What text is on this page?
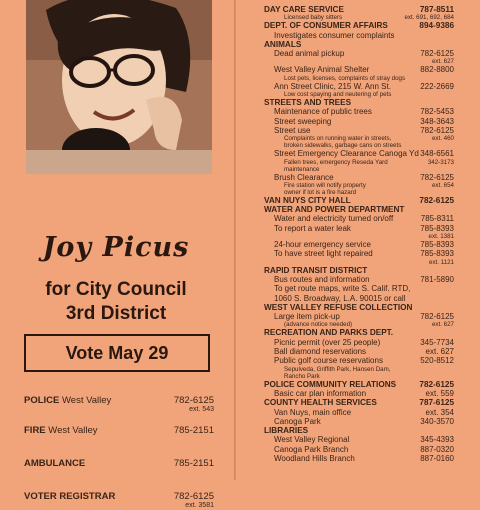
Joy Picus
for City Council
3rd District
Vote May 29
POLICE West Valley	782-6125
ext. 543
FIRE West Valley	785-2151
AMBULANCE	785-2151
VOTER REGISTRAR	782-6125
ext. 3581
DAY CARE SERVICE	787-8511
Licensed baby sitters	ext. 691, 692, 684
DEPT. OF CONSUMER AFFAIRS	894-9386
Investigates consumer complaints
ANIMALS
Dead animal pickup	782-6125
ext. 627
West Valley Animal Shelter	882-8800
Lost pets, licenses, complaints of stray dogs
Ann Street Clinic, 215 W. Ann St.	222-2669
Low cost spaying and neutering of pets
STREETS AND TREES
Maintenance of public trees	782-5453
Street sweeping	348-3643
Street use	782-6125
Complaints on running water in streets,	ext. 460
broken sidewalks, garbage cans on streets
Street Emergency Clearance Canoga Yd 348-6561
Fallen trees, emergency Reseda Yard	342-3173
maintenance
Brush Clearance	782-6125
Fire station will notify property	ext. 654
owner if lot is a fire hazard
VAN NUYS CITY HALL	782-6125
WATER AND POWER DEPARTMENT
Water and electricity turned on/off	785-8311
To report a water leak	785-8393
ext. 1381
24-hour emergency service	785-8393
To have street light repaired	785-8393
ext. 1121
RAPID TRANSIT DISTRICT
Bus routes and information	781-5890
To get route maps, write S. Calif. RTD,
1060 S. Broadway, L.A. 90015 or call
WEST VALLEY REFUSE COLLECTION
Large item pick-up	782-6125
(advance notice needed)	ext. 627
RECREATION AND PARKS DEPT.
Picnic permit (over 25 people)	345-7734
Ball diamond reservations	ext. 627
Public golf course reservations	520-8512
Sepulveda, Griffith Park, Hansen Dam,
Rancho Park
POLICE COMMUNITY RELATIONS	782-6125
Basic car plan information	ext. 559
COUNTY HEALTH SERVICES	787-6125
Van Nuys, main office	ext. 354
Canoga Park	340-3570
LIBRARIES
West Valley Regional	345-4393
Canoga Park Branch	887-0320
Woodland Hills Branch	887-0160
